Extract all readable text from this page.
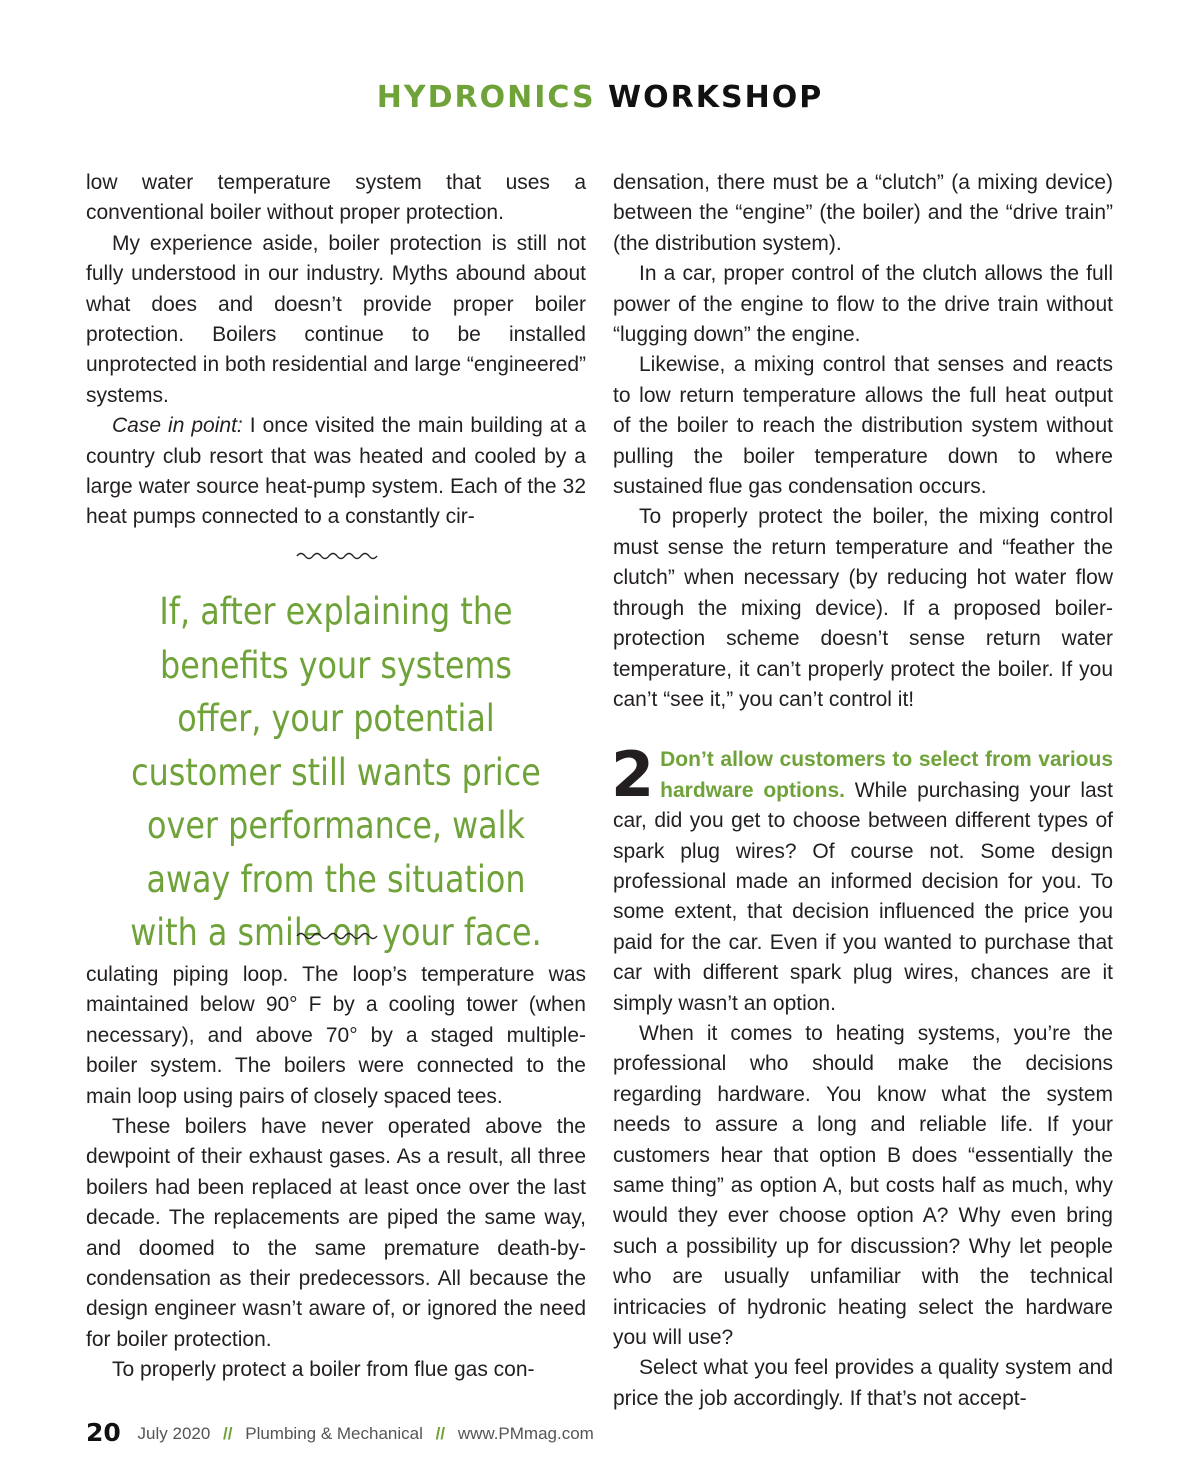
HYDRONICS WORKSHOP

low water temperature system that uses a conventional boiler without proper protection.

My experience aside, boiler protection is still not fully understood in our industry. Myths abound about what does and doesn’t provide proper boiler protection. Boilers continue to be installed unprotected in both residential and large “engineered” systems.

Case in point: I once visited the main building at a country club resort that was heated and cooled by a large water source heat-pump system. Each of the 32 heat pumps connected to a constantly cir-

If, after explaining the benefits your systems offer, your potential customer still wants price over performance, walk away from the situation with a smile on your face.

culating piping loop. The loop’s temperature was maintained below 90° F by a cooling tower (when necessary), and above 70° by a staged multiple-boiler system. The boilers were connected to the main loop using pairs of closely spaced tees.

These boilers have never operated above the dewpoint of their exhaust gases. As a result, all three boilers had been replaced at least once over the last decade. The replacements are piped the same way, and doomed to the same premature death-by-condensation as their predecessors. All because the design engineer wasn’t aware of, or ignored the need for boiler protection.

To properly protect a boiler from flue gas con-

densation, there must be a “clutch” (a mixing device) between the “engine” (the boiler) and the “drive train” (the distribution system).

In a car, proper control of the clutch allows the full power of the engine to flow to the drive train without “lugging down” the engine.

Likewise, a mixing control that senses and reacts to low return temperature allows the full heat output of the boiler to reach the distribution system without pulling the boiler temperature down to where sustained flue gas condensation occurs.

To properly protect the boiler, the mixing control must sense the return temperature and “feather the clutch” when necessary (by reducing hot water flow through the mixing device). If a proposed boiler-protection scheme doesn’t sense return water temperature, it can’t properly protect the boiler. If you can’t “see it,” you can’t control it!

2 Don’t allow customers to select from various hardware options. While purchasing your last car, did you get to choose between different types of spark plug wires? Of course not. Some design professional made an informed decision for you. To some extent, that decision influenced the price you paid for the car. Even if you wanted to purchase that car with different spark plug wires, chances are it simply wasn’t an option.

When it comes to heating systems, you’re the professional who should make the decisions regarding hardware. You know what the system needs to assure a long and reliable life. If your customers hear that option B does “essentially the same thing” as option A, but costs half as much, why would they ever choose option A? Why even bring such a possibility up for discussion? Why let people who are usually unfamiliar with the technical intricacies of hydronic heating select the hardware you will use?

Select what you feel provides a quality system and price the job accordingly. If that’s not accept-

20 July 2020 // Plumbing & Mechanical // www.PMmag.com
